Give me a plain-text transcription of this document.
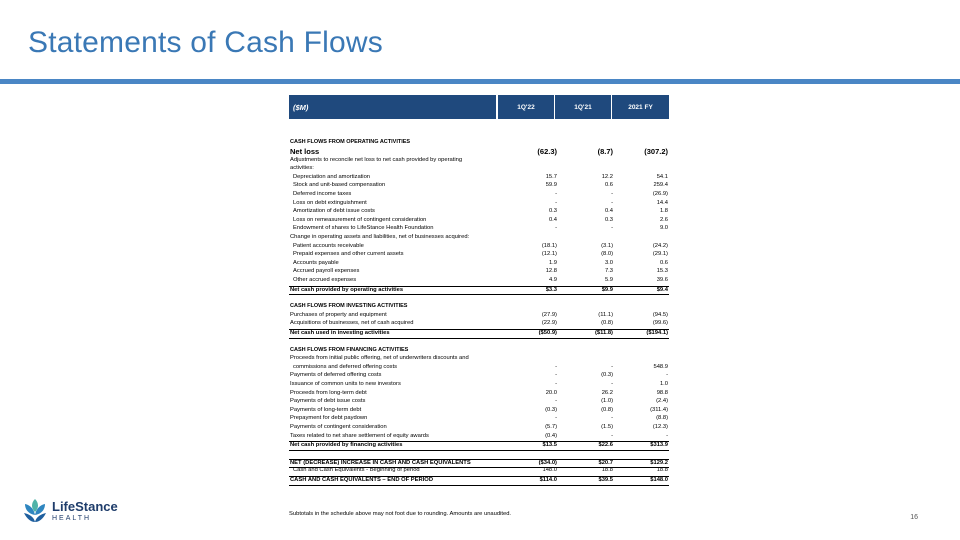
Statements of Cash Flows
($M)	1Q'22	1Q'21	2021 FY
CASH FLOWS FROM OPERATING ACTIVITIES
Net loss	(62.3)	(8.7)	(307.2)
Adjustments to reconcile net loss to net cash provided by operating
activities:
Depreciation and amortization	15.7	12.2	54.1
Stock and unit-based compensation	59.9	0.6	259.4
Deferred income taxes	-	-	(26.9)
Loss on debt extinguishment	-	-	14.4
Amortization of debt issue costs	0.3	0.4	1.8
Loss on remeasurement of contingent consideration	0.4	0.3	2.6
Endowment of shares to LifeStance Health Foundation	-	-	9.0
Change in operating assets and liabilities, net of businesses acquired:
Patient accounts receivable	(18.1)	(3.1)	(24.2)
Prepaid expenses and other current assets	(12.1)	(8.0)	(29.1)
Accounts payable	1.9	3.0	0.6
Accrued payroll expenses	12.8	7.3	15.3
Other accrued expenses	4.9	5.9	39.6
Net cash provided by operating activities	$3.3	$9.9	$9.4
CASH FLOWS FROM INVESTING ACTIVITIES
Purchases of property and equipment	(27.9)	(11.1)	(94.5)
Acquisitions of businesses, net of cash acquired	(22.9)	(0.8)	(99.6)
Net cash used in investing activities	($50.9)	($11.8)	($194.1)
CASH FLOWS FROM FINANCING ACTIVITIES
Proceeds from initial public offering, net of underwriters discounts and
commissions and deferred offering costs	-	-	548.9
Payments of deferred offering costs	-	(0.3)	-
Issuance of common units to new investors	-	-	1.0
Proceeds from long-term debt	20.0	26.2	98.8
Payments of debt issue costs	-	(1.0)	(2.4)
Payments of long-term debt	(0.3)	(0.8)	(311.4)
Prepayment for debt paydown	-	-	(8.8)
Payments of contingent consideration	(5.7)	(1.5)	(12.3)
Taxes related to net share settlement of equity awards	(0.4)	-	-
Net cash provided by financing activities	$13.5	$22.6	$313.9
NET (DECREASE) INCREASE IN CASH AND CASH EQUIVALENTS	($34.0)	$20.7	$129.2
Cash and Cash Equivalents - Beginning of period	148.0	18.8	18.8
CASH AND CASH EQUIVALENTS – END OF PERIOD	$114.0	$39.5	$148.0
Subtotals in the schedule above may not foot due to rounding. Amounts are unaudited.	16
LifeStance
HEALTH
